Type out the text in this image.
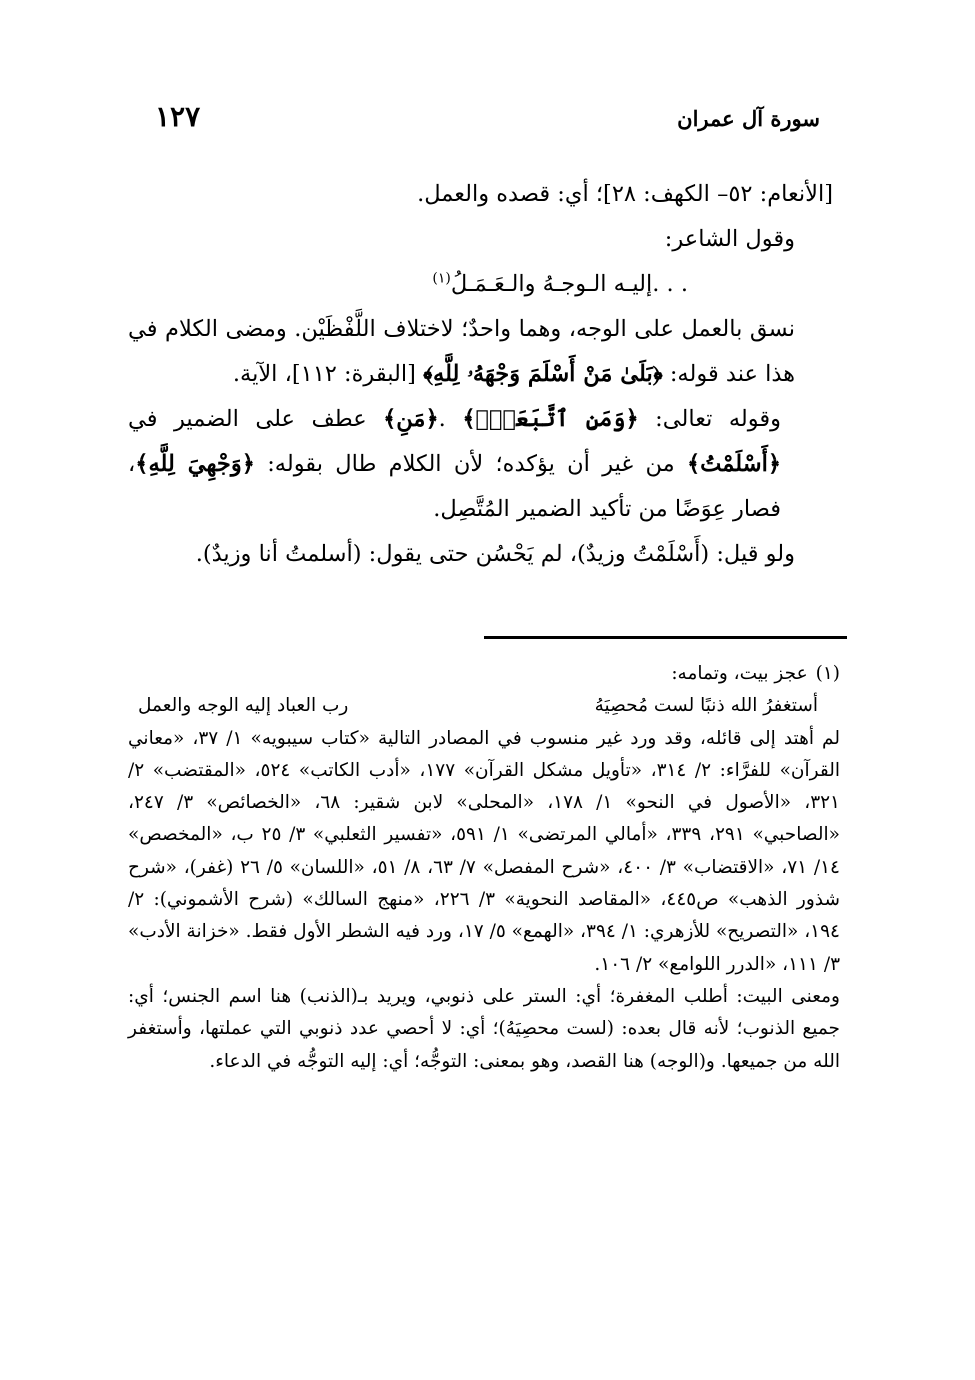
سورة آل عمران
١٢٧

[الأنعام: ٥٢– الكهف: ٢٨]؛ أي: قصده والعمل.

وقول الشاعر:

. . .إليـه الـوجـهُ والـعَـمَـلُ$^{(١)}$

نسق بالعمل على الوجه، وهما واحدٌ؛ لاختلاف اللَّفْظَيْن. ومضى الكلام في هذا عند قوله: ﴿بَلَىٰ مَنْ أَسْلَمَ وَجْهَهُۥ لِلَّهِ﴾ [البقرة: ١١٢]، الآية.

وقوله تعالى: ﴿وَمَنِ ٱتَّبَعَنِۗ﴾ .﴿مَنِ﴾ عطف على الضمير في ﴿أَسْلَمْتُ﴾ من غير أن يؤكده؛ لأن الكلام طال بقوله: ﴿وَجْهِيَ لِلَّهِ﴾، فصار عِوَضًا من تأكيد الضمير المُتَّصِل.

ولو قيل: (أَسْلَمْتُ وزيدٌ)، لم يَحْسُن حتى يقول: (أسلمتُ أنا وزيدٌ).

(١)عجز بيت، وتمامه:

أستغفرُ الله ذنبًا لست مُحصِيَهُ
رب العباد إليه الوجه والعمل

لم أهتد إلى قائله، وقد ورد غير منسوب في المصادر التالية «كتاب سيبويه» ١/ ٣٧، «معاني القرآن» للفرَّاء: ٢/ ٣١٤، «تأويل مشكل القرآن» ١٧٧، «أدب الكاتب» ٥٢٤، «المقتضب» ٢/ ٣٢١، «الأصول في النحو» ١/ ١٧٨، «المحلى» لابن شقير: ٦٨، «الخصائص» ٣/ ٢٤٧، «الصاحبي» ٢٩١، ٣٣٩، «أمالي المرتضى» ١/ ٥٩١، «تفسير الثعلبي» ٣/ ٢٥ ب، «المخصص» ١٤/ ٧١، «الاقتضاب» ٣/ ٤٠٠، «شرح المفصل» ٧/ ٦٣، ٨/ ٥١، «اللسان» ٥/ ٢٦ (غفر)، «شرح شذور الذهب» ص٤٤٥، «المقاصد النحوية» ٣/ ٢٢٦، «منهج السالك» (شرح الأشموني): ٢/ ١٩٤، «التصريح» للأزهري: ١/ ٣٩٤، «الهمع» ٥/ ١٧، ورد فيه الشطر الأول فقط. «خزانة الأدب» ٣/ ١١١، «الدرر اللوامع» ٢/ ١٠٦.

ومعنى البيت: أطلب المغفرة؛ أي: الستر على ذنوبي، ويريد بـ(الذنب) هنا اسم الجنس؛ أي: جميع الذنوب؛ لأنه قال بعده: (لست محصِيَهُ)؛ أي: لا أحصي عدد ذنوبي التي عملتها، وأستغفر الله من جميعها. و(الوجه) هنا القصد، وهو بمعنى: التوجُّه؛ أي: إليه التوجُّه في الدعاء.
